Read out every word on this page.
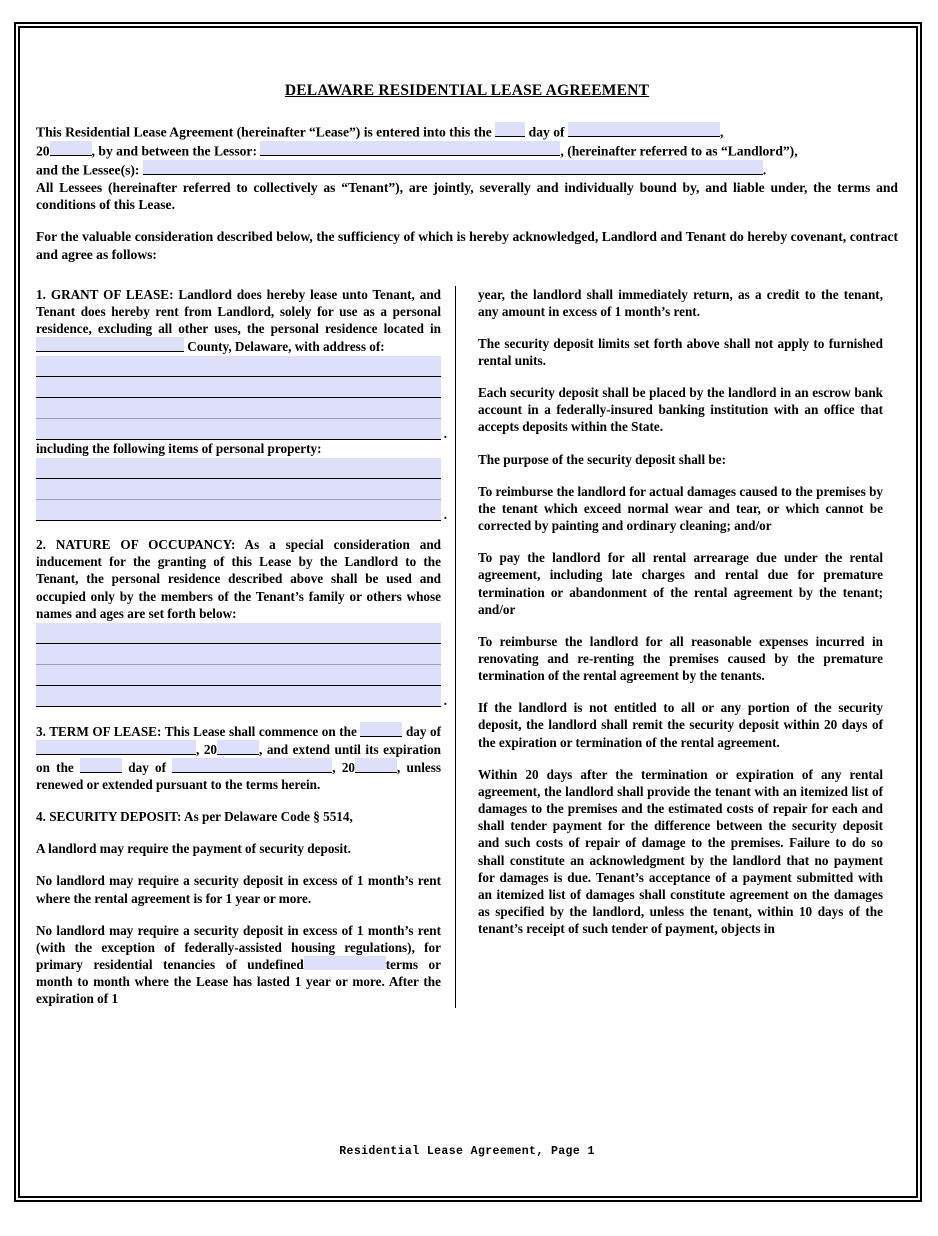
DELAWARE RESIDENTIAL LEASE AGREEMENT

This Residential Lease Agreement (hereinafter “Lease”) is entered into this the	day of	,

20	, by and between the Lessor:	, (hereinafter referred to as “Landlord”),

and the Lessee(s):	.

All Lessees (hereinafter referred to collectively as “Tenant”), are jointly, severally and individually bound by, and liable under, the terms and conditions of this Lease.

For the valuable consideration described below, the sufficiency of which is hereby acknowledged, Landlord and Tenant do hereby covenant, contract and agree as follows:

1. GRANT OF LEASE: Landlord does hereby lease unto Tenant, and Tenant does hereby rent from Landlord, solely for use as a personal residence, excluding all other uses, the personal residence located in  County, Delaware, with address of:

.

including the following items of personal property:

.

2. NATURE OF OCCUPANCY: As a special consideration and inducement for the granting of this Lease by the Landlord to the Tenant, the personal residence described above shall be used and occupied only by the members of the Tenant’s family or others whose names and ages are set forth below:

.

3. TERM OF LEASE: This Lease shall commence on the	day of , 20	, and extend until its expiration on the	day of	, 20	, unless renewed or extended pursuant to the terms herein.

4. SECURITY DEPOSIT: As per Delaware Code § 5514,

A landlord may require the payment of security deposit.

No landlord may require a security deposit in excess of 1 month’s rent where the rental agreement is for 1 year or more.

No landlord may require a security deposit in excess of 1 month’s rent (with the exception of federally-assisted housing regulations), for primary residential tenancies of undefined	terms or month to month where the Lease has lasted 1 year or more. After the expiration of 1

year, the landlord shall immediately return, as a credit to the tenant, any amount in excess of 1 month’s rent.

The security deposit limits set forth above shall not apply to furnished rental units.

Each security deposit shall be placed by the landlord in an escrow bank account in a federally-insured banking institution with an office that accepts deposits within the State.

The purpose of the security deposit shall be:

To reimburse the landlord for actual damages caused to the premises by the tenant which exceed normal wear and tear, or which cannot be corrected by painting and ordinary cleaning; and/or

To pay the landlord for all rental arrearage due under the rental agreement, including late charges and rental due for premature termination or abandonment of the rental agreement by the tenant; and/or

To reimburse the landlord for all reasonable expenses incurred in renovating and re-renting the premises caused by the premature termination of the rental agreement by the tenants.

If the landlord is not entitled to all or any portion of the security deposit, the landlord shall remit the security deposit within 20 days of the expiration or termination of the rental agreement.

Within 20 days after the termination or expiration of any rental agreement, the landlord shall provide the tenant with an itemized list of damages to the premises and the estimated costs of repair for each and shall tender payment for the difference between the security deposit and such costs of repair of damage to the premises. Failure to do so shall constitute an acknowledgment by the landlord that no payment for damages is due. Tenant’s acceptance of a payment submitted with an itemized list of damages shall constitute agreement on the damages as specified by the landlord, unless the tenant, within 10 days of the tenant’s receipt of such tender of payment, objects in

Residential Lease Agreement, Page 1
